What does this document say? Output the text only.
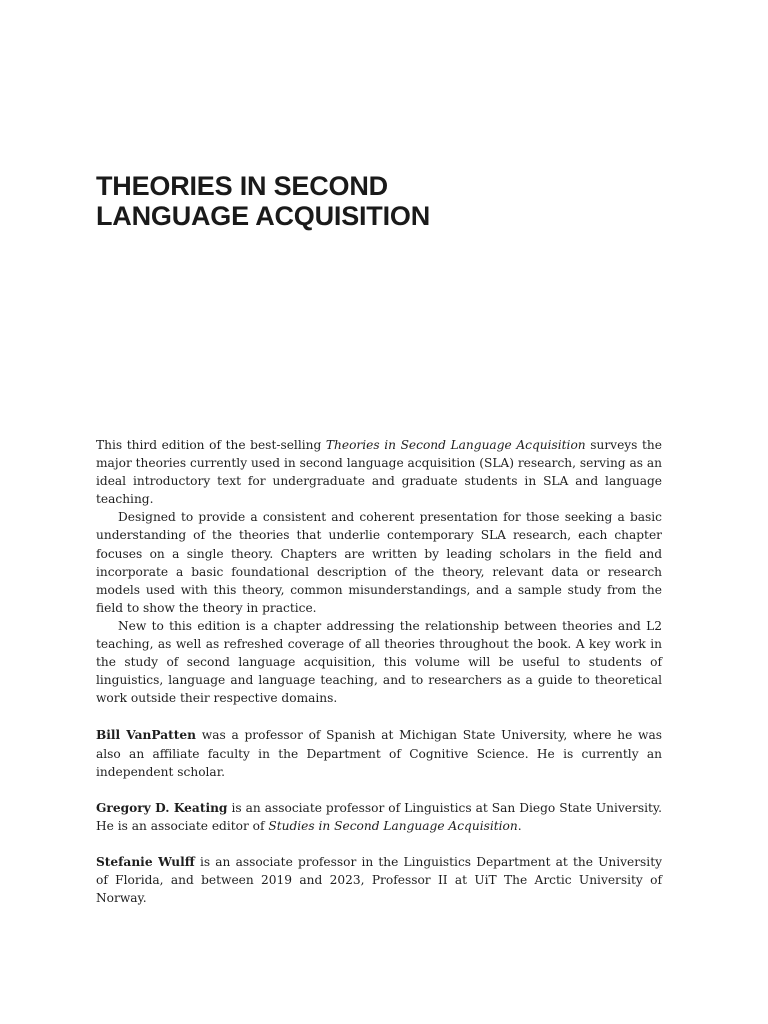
THEORIES IN SECOND
LANGUAGE ACQUISITION

This third edition of the best-selling Theories in Second Language Acquisition surveys the major theories currently used in second language acquisition (SLA) research, serving as an ideal introductory text for undergraduate and graduate students in SLA and language teaching.

Designed to provide a consistent and coherent presentation for those seeking a basic understanding of the theories that underlie contemporary SLA research, each chapter focuses on a single theory. Chapters are written by leading scholars in the field and incorporate a basic foundational description of the theory, relevant data or research models used with this theory, common misunderstandings, and a sample study from the field to show the theory in practice.

New to this edition is a chapter addressing the relationship between theories and L2 teaching, as well as refreshed coverage of all theories throughout the book. A key work in the study of second language acquisition, this volume will be useful to students of linguistics, language and language teaching, and to researchers as a guide to theoretical work outside their respective domains.

Bill VanPatten was a professor of Spanish at Michigan State University, where he was also an affiliate faculty in the Department of Cognitive Science. He is currently an independent scholar.

Gregory D. Keating is an associate professor of Linguistics at San Diego State University. He is an associate editor of Studies in Second Language Acquisition.

Stefanie Wulff is an associate professor in the Linguistics Department at the University of Florida, and between 2019 and 2023, Professor II at UiT The Arctic University of Norway.
